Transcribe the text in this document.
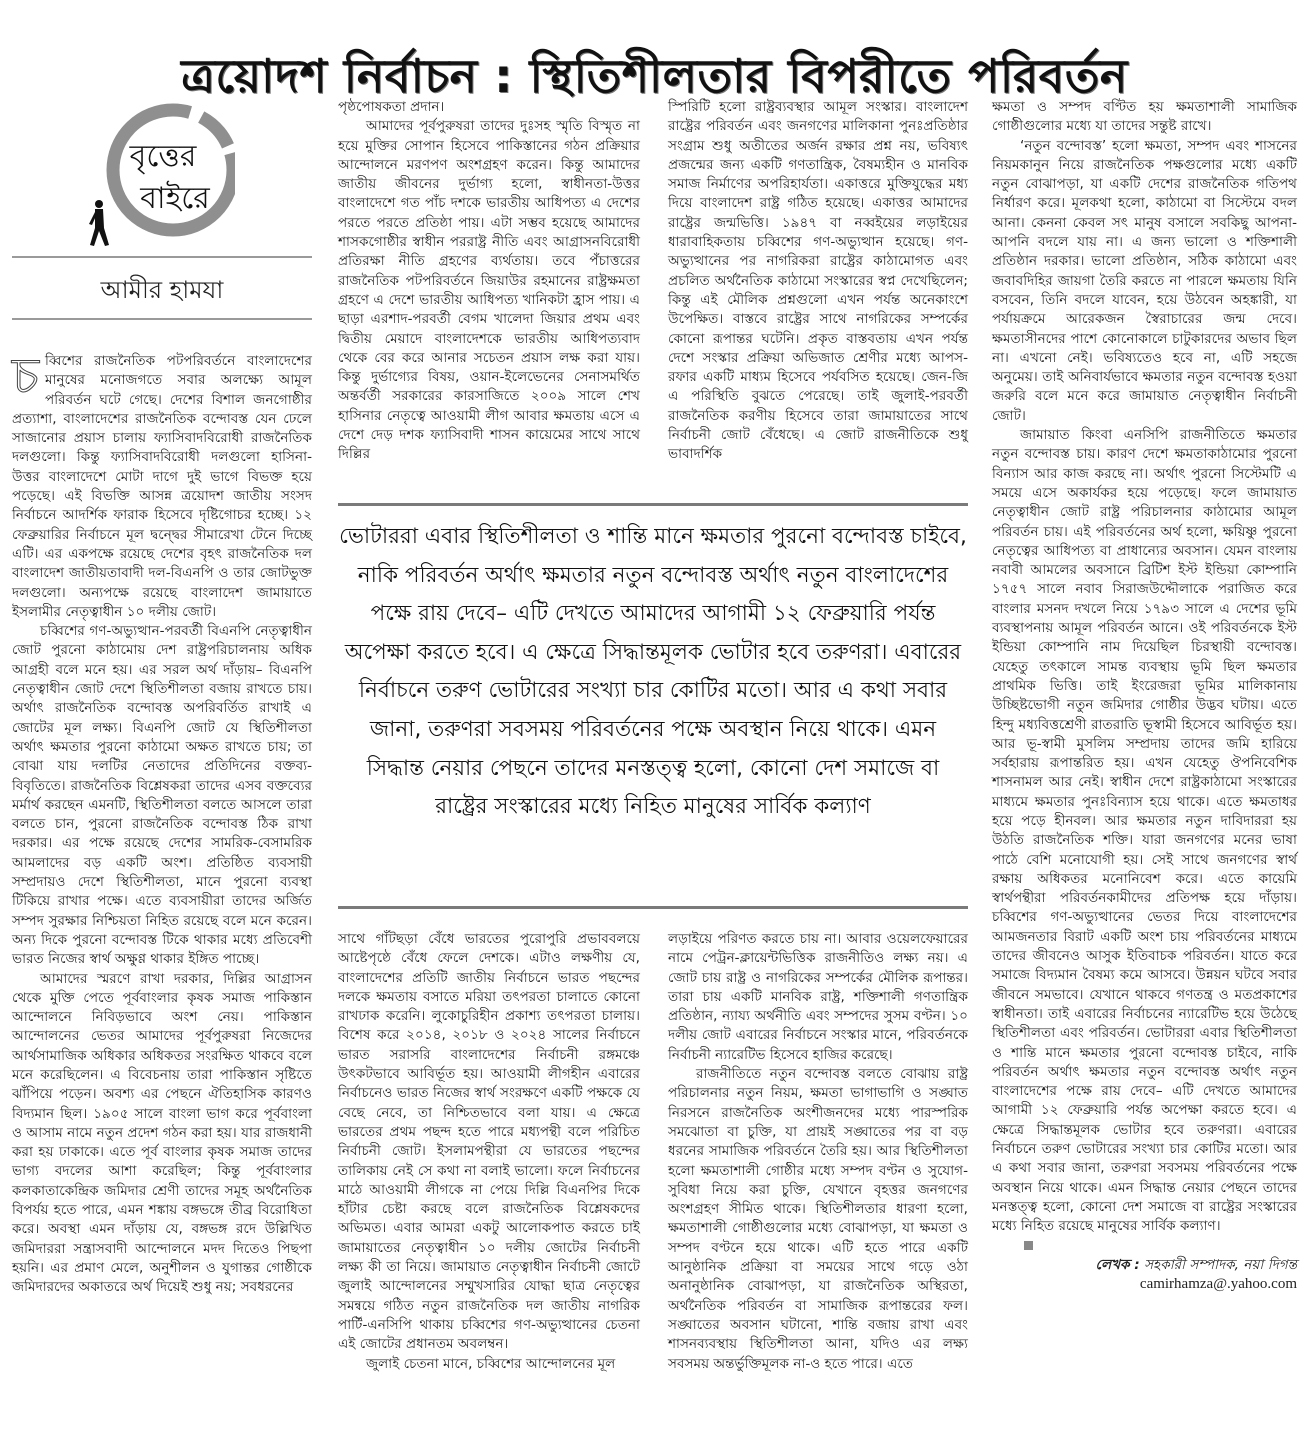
ত্রয়োদশ নির্বাচন : স্থিতিশীলতার বিপরীতে পরিবর্তন
বৃত্তের
বাইরে
আমীর হামযা

চব্বিশের রাজনৈতিক পটপরিবর্তনে বাংলাদেশের মানুষের মনোজগতে সবার অলক্ষ্যে আমূল পরিবর্তন ঘটে গেছে। দেশের বিশাল জনগোষ্ঠীর প্রত্যাশা, বাংলাদেশের রাজনৈতিক বন্দোবস্ত যেন ঢেলে সাজানোর প্রয়াস চালায় ফ্যাসিবাদবিরোধী রাজনৈতিক দলগুলো। কিন্তু ফ্যাসিবাদবিরোধী দলগুলো হাসিনা-উত্তর বাংলাদেশে মোটা দাগে দুই ভাগে বিভক্ত হয়ে পড়েছে। এই বিভক্তি আসন্ন ত্রয়োদশ জাতীয় সংসদ নির্বাচনে আদর্শিক ফারাক হিসেবে দৃষ্টিগোচর হচ্ছে। ১২ ফেব্রুয়ারির নির্বাচনে মূল দ্বন্দ্বের সীমারেখা টেনে দিচ্ছে এটি। এর একপক্ষে রয়েছে দেশের বৃহৎ রাজনৈতিক দল বাংলাদেশ জাতীয়তাবাদী দল-বিএনপি ও তার জোটভুক্ত দলগুলো। অন্যপক্ষে রয়েছে বাংলাদেশ জামায়াতে ইসলামীর নেতৃত্বাধীন ১০ দলীয় জোট।

চব্বিশের গণ-অভ্যুত্থান-পরবর্তী বিএনপি নেতৃত্বাধীন জোট পুরনো কাঠামোয় দেশ রাষ্ট্রপরিচালনায় অধিক আগ্রহী বলে মনে হয়। এর সরল অর্থ দাঁড়ায়– বিএনপি নেতৃত্বাধীন জোট দেশে স্থিতিশীলতা বজায় রাখতে চায়। অর্থাৎ রাজনৈতিক বন্দোবস্ত অপরিবর্তিত রাখাই এ জোটের মূল লক্ষ্য। বিএনপি জোট যে স্থিতিশীলতা অর্থাৎ ক্ষমতার পুরনো কাঠামো অক্ষত রাখতে চায়; তা বোঝা যায় দলটির নেতাদের প্রতিদিনের বক্তব্য-বিবৃতিতে। রাজনৈতিক বিশ্লেষকরা তাদের এসব বক্তব্যের মর্মার্থ করছেন এমনটি, স্থিতিশীলতা বলতে আসলে তারা বলতে চান, পুরনো রাজনৈতিক বন্দোবস্ত ঠিক রাখা দরকার। এর পক্ষে রয়েছে দেশের সামরিক-বেসামরিক আমলাদের বড় একটি অংশ। প্রতিষ্ঠিত ব্যবসায়ী সম্প্রদায়ও দেশে স্থিতিশীলতা, মানে পুরনো ব্যবস্থা টিকিয়ে রাখার পক্ষে। এতে ব্যবসায়ীরা তাদের অর্জিত সম্পদ সুরক্ষার নিশ্চিয়তা নিহিত রয়েছে বলে মনে করেন। অন্য দিকে পুরনো বন্দোবস্ত টিকে থাকার মধ্যে প্রতিবেশী ভারত নিজের স্বার্থ অক্ষুণ্ণ থাকার ইঙ্গিত পাচ্ছে।

আমাদের স্মরণে রাখা দরকার, দিল্লির আগ্রাসন থেকে মুক্তি পেতে পূর্ববাংলার কৃষক সমাজ পাকিস্তান আন্দোলনে নিবিড়ভাবে অংশ নেয়। পাকিস্তান আন্দোলনের ভেতর আমাদের পূর্বপুরুষরা নিজেদের আর্থসামাজিক অধিকার অধিকতর সংরক্ষিত থাকবে বলে মনে করেছিলেন। এ বিবেচনায় তারা পাকিস্তান সৃষ্টিতে ঝাঁপিয়ে পড়েন। অবশ্য এর পেছনে ঐতিহাসিক কারণও বিদ্যমান ছিল। ১৯০৫ সালে বাংলা ভাগ করে পূর্ববাংলা ও আসাম নামে নতুন প্রদেশ গঠন করা হয়। যার রাজধানী করা হয় ঢাকাকে। এতে পূর্ব বাংলার কৃষক সমাজ তাদের ভাগ্য বদলের আশা করেছিল; কিন্তু পূর্ববাংলার কলকাতাকেন্দ্রিক জমিদার শ্রেণী তাদের সমূহ অর্থনৈতিক বিপর্যয় হতে পারে, এমন শঙ্কায় বঙ্গভঙ্গে তীব্র বিরোধিতা করে। অবস্থা এমন দাঁড়ায় যে, বঙ্গভঙ্গ রদে উল্লিখিত জমিদাররা সন্ত্রাসবাদী আন্দোলনে মদদ দিতেও পিছপা হয়নি। এর প্রমাণ মেলে, অনুশীলন ও যুগান্তর গোষ্ঠীকে জমিদারদের অকাতরে অর্থ দিয়েই শুধু নয়; সবধরনের

পৃষ্ঠপোষকতা প্রদান।

আমাদের পূর্বপুরুষরা তাদের দুঃসহ স্মৃতি বিস্মৃত না হয়ে মুক্তির সোপান হিসেবে পাকিস্তানের গঠন প্রক্রিয়ার আন্দোলনে মরণপণ অংশগ্রহণ করেন। কিন্তু আমাদের জাতীয় জীবনের দুর্ভাগ্য হলো, স্বাধীনতা-উত্তর বাংলাদেশে গত পাঁচ দশকে ভারতীয় আধিপত্য এ দেশের পরতে পরতে প্রতিষ্ঠা পায়। এটা সম্ভব হয়েছে আমাদের শাসকগোষ্ঠীর স্বাধীন পররাষ্ট্র নীতি এবং আগ্রাসনবিরোধী প্রতিরক্ষা নীতি গ্রহণের ব্যর্থতায়। তবে পঁচাত্তরের রাজনৈতিক পটপরিবর্তনে জিয়াউর রহমানের রাষ্ট্রক্ষমতা গ্রহণে এ দেশে ভারতীয় আধিপত্য খানিকটা হ্রাস পায়। এ ছাড়া এরশাদ-পরবর্তী বেগম খালেদা জিয়ার প্রথম এবং দ্বিতীয় মেয়াদে বাংলাদেশকে ভারতীয় আধিপত্যবাদ থেকে বের করে আনার সচেতন প্রয়াস লক্ষ করা যায়। কিন্তু দুর্ভাগ্যের বিষয়, ওয়ান-ইলেভেনের সেনাসমর্থিত অন্তর্বর্তী সরকারের কারসাজিতে ২০০৯ সালে শেখ হাসিনার নেতৃত্বে আওয়ামী লীগ আবার ক্ষমতায় এসে এ দেশে দেড় দশক ফ্যাসিবাদী শাসন কায়েমের সাথে সাথে দিল্লির

স্পিরিটি হলো রাষ্ট্রব্যবস্থার আমূল সংস্কার। বাংলাদেশ রাষ্ট্রের পরিবর্তন এবং জনগণের মালিকানা পুনঃপ্রতিষ্ঠার সংগ্রাম শুধু অতীতের অর্জন রক্ষার প্রশ্ন নয়, ভবিষ্যৎ প্রজন্মের জন্য একটি গণতান্ত্রিক, বৈষম্যহীন ও মানবিক সমাজ নির্মাণের অপরিহার্যতা। একাত্তরে মুক্তিযুদ্ধের মধ্য দিয়ে বাংলাদেশ রাষ্ট্র গঠিত হয়েছে। একাত্তর আমাদের রাষ্ট্রের জন্মভিত্তি। ১৯৪৭ বা নব্বইয়ের লড়াইয়ের ধারাবাহিকতায় চব্বিশের গণ-অভ্যুত্থান হয়েছে। গণ-অভ্যুত্থানের পর নাগরিকরা রাষ্ট্রের কাঠামোগত এবং প্রচলিত অর্থনৈতিক কাঠামো সংস্কারের স্বপ্ন দেখেছিলেন; কিন্তু এই মৌলিক প্রশ্নগুলো এখন পর্যন্ত অনেকাংশে উপেক্ষিত। বাস্তবে রাষ্ট্রের সাথে নাগরিকের সম্পর্কের কোনো রূপান্তর ঘটেনি। প্রকৃত বাস্তবতায় এখন পর্যন্ত দেশে সংস্কার প্রক্রিয়া অভিজাত শ্রেণীর মধ্যে আপস-রফার একটি মাধ্যম হিসেবে পর্যবসিত হয়েছে। জেন-জি এ পরিস্থিতি বুঝতে পেরেছে। তাই জুলাই-পরবর্তী রাজনৈতিক করণীয় হিসেবে তারা জামায়াতের সাথে নির্বাচনী জোট বেঁধেছে। এ জোট রাজনীতিকে শুধু ভাবাদর্শিক

ভোটাররা এবার স্থিতিশীলতা ও শান্তি মানে ক্ষমতার পুরনো বন্দোবস্ত চাইবে, নাকি পরিবর্তন অর্থাৎ ক্ষমতার নতুন বন্দোবস্ত অর্থাৎ নতুন বাংলাদেশের পক্ষে রায় দেবে– এটি দেখতে আমাদের আগামী ১২ ফেব্রুয়ারি পর্যন্ত অপেক্ষা করতে হবে। এ ক্ষেত্রে সিদ্ধান্তমূলক ভোটার হবে তরুণরা। এবারের নির্বাচনে তরুণ ভোটারের সংখ্যা চার কোটির মতো। আর এ কথা সবার জানা, তরুণরা সবসময় পরিবর্তনের পক্ষে অবস্থান নিয়ে থাকে। এমন সিদ্ধান্ত নেয়ার পেছনে তাদের মনস্তত্ত্ব হলো, কোনো দেশ সমাজে বা রাষ্ট্রের সংস্কারের মধ্যে নিহিত মানুষের সার্বিক কল্যাণ

সাথে গাঁটছড়া বেঁধে ভারতের পুরোপুরি প্রভাববলয়ে আষ্টেপৃষ্ঠে বেঁধে ফেলে দেশকে। এটাও লক্ষণীয় যে, বাংলাদেশের প্রতিটি জাতীয় নির্বাচনে ভারত পছন্দের দলকে ক্ষমতায় বসাতে মরিয়া তৎপরতা চালাতে কোনো রাখঢাক করেনি। লুকোচুরিহীন প্রকাশ্য তৎপরতা চালায়। বিশেষ করে ২০১৪, ২০১৮ ও ২০২৪ সালের নির্বাচনে ভারত সরাসরি বাংলাদেশের নির্বাচনী রঙ্গমঞ্চে উৎকটভাবে আবির্ভূত হয়। আওয়ামী লীগহীন এবারের নির্বাচনেও ভারত নিজের স্বার্থ সংরক্ষণে একটি পক্ষকে যে বেছে নেবে, তা নিশ্চিতভাবে বলা যায়। এ ক্ষেত্রে ভারতের প্রথম পছন্দ হতে পারে মধ্যপন্থী বলে পরিচিত নির্বাচনী জোট। ইসলামপন্থীরা যে ভারতের পছন্দের তালিকায় নেই সে কথা না বলাই ভালো। ফলে নির্বাচনের মাঠে আওয়ামী লীগকে না পেয়ে দিল্লি বিএনপির দিকে হাঁটার চেষ্টা করছে বলে রাজনৈতিক বিশ্লেষকদের অভিমত। এবার আমরা একটু আলোকপাত করতে চাই জামায়াতের নেতৃত্বাধীন ১০ দলীয় জোটের নির্বাচনী লক্ষ্য কী তা নিয়ে। জামায়াত নেতৃত্বাধীন নির্বাচনী জোটে জুলাই আন্দোলনের সম্মুখসারির যোদ্ধা ছাত্র নেতৃত্বের সমন্বয়ে গঠিত নতুন রাজনৈতিক দল জাতীয় নাগরিক পার্টি-এনসিপি থাকায় চব্বিশের গণ-অভ্যুত্থানের চেতনা এই জোটের প্রধানতম অবলম্বন।

জুলাই চেতনা মানে, চব্বিশের আন্দোলনের মূল

লড়াইয়ে পরিণত করতে চায় না। আবার ওয়েলফেয়ারের নামে পেট্রন-ক্লায়েন্টভিত্তিক রাজনীতিও লক্ষ্য নয়। এ জোট চায় রাষ্ট্র ও নাগরিকের সম্পর্কের মৌলিক রূপান্তর। তারা চায় একটি মানবিক রাষ্ট্র, শক্তিশালী গণতান্ত্রিক প্রতিষ্ঠান, ন্যায্য অর্থনীতি এবং সম্পদের সুসম বণ্টন। ১০ দলীয় জোট এবারের নির্বাচনে সংস্কার মানে, পরিবর্তনকে নির্বাচনী ন্যারেটিভ হিসেবে হাজির করেছে।

রাজনীতিতে নতুন বন্দোবস্ত বলতে বোঝায় রাষ্ট্র পরিচালনার নতুন নিয়ম, ক্ষমতা ভাগাভাগি ও সঙ্ঘাত নিরসনে রাজনৈতিক অংশীজনদের মধ্যে পারস্পরিক সমঝোতা বা চুক্তি, যা প্রায়ই সঙ্ঘাতের পর বা বড় ধরনের সামাজিক পরিবর্তনে তৈরি হয়। আর স্থিতিশীলতা হলো ক্ষমতাশালী গোষ্ঠীর মধ্যে সম্পদ বণ্টন ও সুযোগ-সুবিধা নিয়ে করা চুক্তি, যেখানে বৃহত্তর জনগণের অংশগ্রহণ সীমিত থাকে। স্থিতিশীলতার ধারণা হলো, ক্ষমতাশালী গোষ্ঠীগুলোর মধ্যে বোঝাপড়া, যা ক্ষমতা ও সম্পদ বণ্টনে হয়ে থাকে। এটি হতে পারে একটি আনুষ্ঠানিক প্রক্রিয়া বা সময়ের সাথে গড়ে ওঠা অনানুষ্ঠানিক বোঝাপড়া, যা রাজনৈতিক অস্থিরতা, অর্থনৈতিক পরিবর্তন বা সামাজিক রূপান্তরের ফল। সঙ্ঘাতের অবসান ঘটানো, শান্তি বজায় রাখা এবং শাসনব্যবস্থায় স্থিতিশীলতা আনা, যদিও এর লক্ষ্য সবসময় অন্তর্ভুক্তিমূলক না-ও হতে পারে। এতে

ক্ষমতা ও সম্পদ বণ্টিত হয় ক্ষমতাশালী সামাজিক গোষ্ঠীগুলোর মধ্যে যা তাদের সন্তুষ্ট রাখে।

‘নতুন বন্দোবস্ত’ হলো ক্ষমতা, সম্পদ এবং শাসনের নিয়মকানুন নিয়ে রাজনৈতিক পক্ষগুলোর মধ্যে একটি নতুন বোঝাপড়া, যা একটি দেশের রাজনৈতিক গতিপথ নির্ধারণ করে। মূলকথা হলো, কাঠামো বা সিস্টেমে বদল আনা। কেননা কেবল সৎ মানুষ বসালে সবকিছু আপনা-আপনি বদলে যায় না। এ জন্য ভালো ও শক্তিশালী প্রতিষ্ঠান দরকার। ভালো প্রতিষ্ঠান, সঠিক কাঠামো এবং জবাবদিহির জায়গা তৈরি করতে না পারলে ক্ষমতায় যিনি বসবেন, তিনি বদলে যাবেন, হয়ে উঠবেন অহঙ্কারী, যা পর্যায়ক্রমে আরেকজন স্বৈরাচারের জন্ম দেবে। ক্ষমতাসীনদের পাশে কোনোকালে চাটুকারদের অভাব ছিল না। এখনো নেই। ভবিষ্যতেও হবে না, এটি সহজে অনুমেয়। তাই অনিবার্যভাবে ক্ষমতার নতুন বন্দোবস্ত হওয়া জরুরি বলে মনে করে জামায়াত নেতৃত্বাধীন নির্বাচনী জোট।

জামায়াত কিংবা এনসিপি রাজনীতিতে ক্ষমতার নতুন বন্দোবস্ত চায়। কারণ দেশে ক্ষমতাকাঠামোর পুরনো বিন্যাস আর কাজ করছে না। অর্থাৎ পুরনো সিস্টেমটি এ সময়ে এসে অকার্যকর হয়ে পড়েছে। ফলে জামায়াত নেতৃত্বাধীন জোট রাষ্ট্র পরিচালনার কাঠামোর আমূল পরিবর্তন চায়। এই পরিবর্তনের অর্থ হলো, ক্ষয়িষ্ণু পুরনো নেতৃত্বের আধিপত্য বা প্রাধান্যের অবসান। যেমন বাংলায় নবাবী আমলের অবসানে ব্রিটিশ ইস্ট ইন্ডিয়া কোম্পানি ১৭৫৭ সালে নবাব সিরাজউদ্দৌলাকে পরাজিত করে বাংলার মসনদ দখলে নিয়ে ১৭৯৩ সালে এ দেশের ভূমি ব্যবস্থাপনায় আমূল পরিবর্তন আনে। ওই পরিবর্তনকে ইস্ট ইন্ডিয়া কোম্পানি নাম দিয়েছিল চিরস্থায়ী বন্দোবস্ত। যেহেতু তৎকালে সামন্ত ব্যবস্থায় ভূমি ছিল ক্ষমতার প্রাথমিক ভিত্তি। তাই ইংরেজরা ভূমির মালিকানায় উচ্ছিষ্টভোগী নতুন জমিদার গোষ্ঠীর উদ্ভব ঘটায়। এতে হিন্দু মধ্যবিত্তশ্রেণী রাতরাতি ভূস্বামী হিসেবে আবির্ভূত হয়। আর ভূ-স্বামী মুসলিম সম্প্রদায় তাদের জমি হারিয়ে সর্বহারায় রূপান্তরিত হয়। এখন যেহেতু ঔপনিবেশিক শাসনামল আর নেই। স্বাধীন দেশে রাষ্ট্রকাঠামো সংস্কারের মাধ্যমে ক্ষমতার পুনঃবিন্যাস হয়ে থাকে। এতে ক্ষমতাধর হয়ে পড়ে হীনবল। আর ক্ষমতার নতুন দাবিদাররা হয় উঠতি রাজনৈতিক শক্তি। যারা জনগণের মনের ভাষা পাঠে বেশি মনোযোগী হয়। সেই সাথে জনগণের স্বার্থ রক্ষায় অধিকতর মনোনিবেশ করে। এতে কায়েমি স্বার্থপন্থীরা পরিবর্তনকামীদের প্রতিপক্ষ হয়ে দাঁড়ায়। চব্বিশের গণ-অভ্যুত্থানের ভেতর দিয়ে বাংলাদেশের আমজনতার বিরাট একটি অংশ চায় পরিবর্তনের মাধ্যমে তাদের জীবনেও আসুক ইতিবাচক পরিবর্তন। যাতে করে সমাজে বিদ্যমান বৈষম্য কমে আসবে। উন্নয়ন ঘটবে সবার জীবনে সমভাবে। যেখানে থাকবে গণতন্ত্র ও মতপ্রকাশের স্বাধীনতা। তাই এবারের নির্বাচনের ন্যারেটিভ হয়ে উঠেছে স্থিতিশীলতা এবং পরিবর্তন। ভোটাররা এবার স্থিতিশীলতা ও শান্তি মানে ক্ষমতার পুরনো বন্দোবস্ত চাইবে, নাকি পরিবর্তন অর্থাৎ ক্ষমতার নতুন বন্দোবস্ত অর্থাৎ নতুন বাংলাদেশের পক্ষে রায় দেবে– এটি দেখতে আমাদের আগামী ১২ ফেব্রুয়ারি পর্যন্ত অপেক্ষা করতে হবে। এ ক্ষেত্রে সিদ্ধান্তমূলক ভোটার হবে তরুণরা। এবারের নির্বাচনে তরুণ ভোটারের সংখ্যা চার কোটির মতো। আর এ কথা সবার জানা, তরুণরা সবসময় পরিবর্তনের পক্ষে অবস্থান নিয়ে থাকে। এমন সিদ্ধান্ত নেয়ার পেছনে তাদের মনস্তত্ত্ব হলো, কোনো দেশ সমাজে বা রাষ্ট্রের সংস্কারের মধ্যে নিহিত রয়েছে মানুষের সার্বিক কল্যাণ।

লেখক : সহকারী সম্পাদক, নয়া দিগন্ত

camirhamza@.yahoo.com
